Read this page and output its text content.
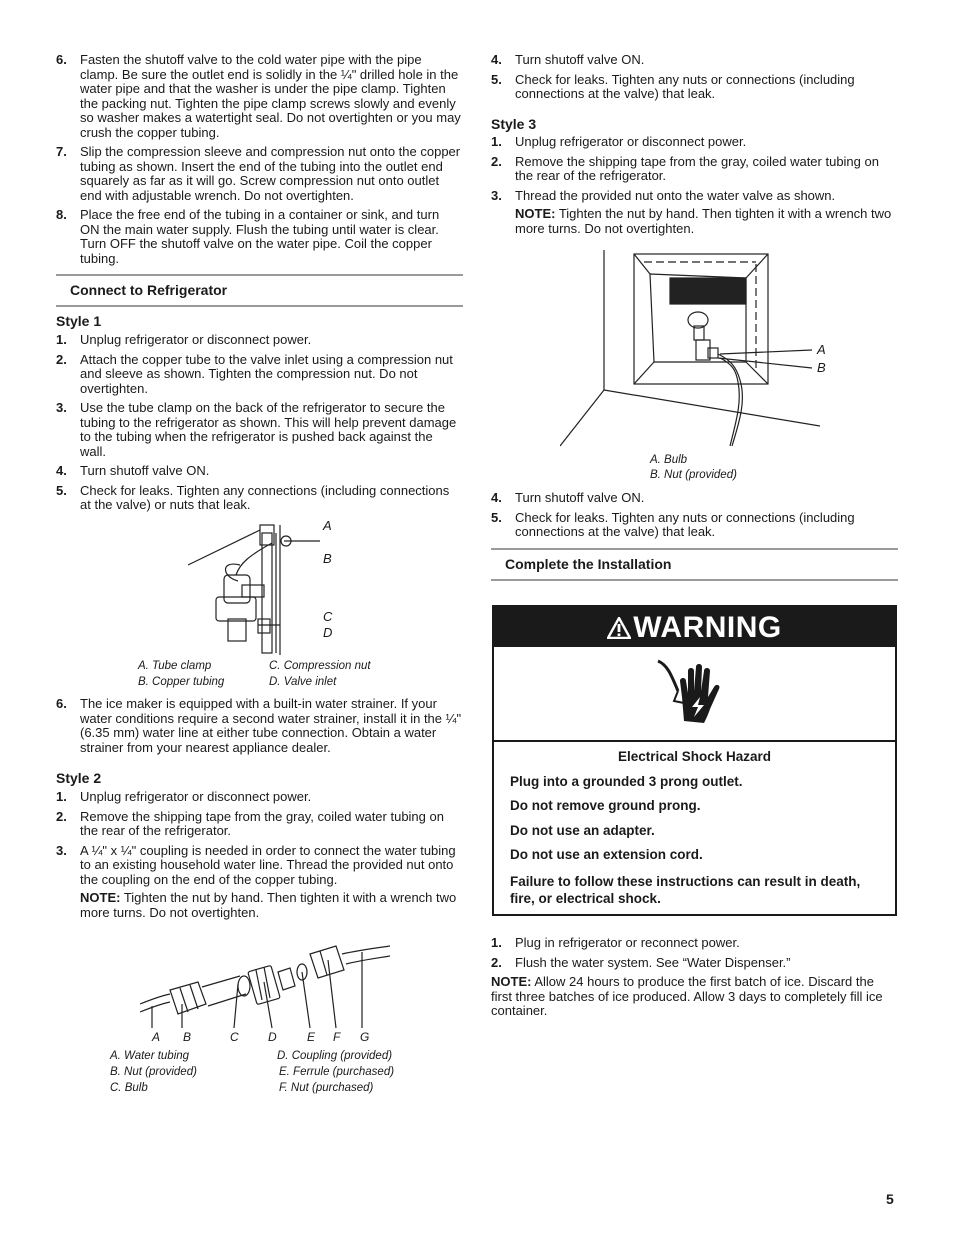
6. Fasten the shutoff valve to the cold water pipe with the pipe clamp. Be sure the outlet end is solidly in the ¼" drilled hole in the water pipe and that the washer is under the pipe clamp. Tighten the packing nut. Tighten the pipe clamp screws slowly and evenly so washer makes a watertight seal. Do not overtighten or you may crush the copper tubing.
7. Slip the compression sleeve and compression nut onto the copper tubing as shown. Insert the end of the tubing into the outlet end squarely as far as it will go. Screw compression nut onto outlet end with adjustable wrench. Do not overtighten.
8. Place the free end of the tubing in a container or sink, and turn ON the main water supply. Flush the tubing until water is clear. Turn OFF the shutoff valve on the water pipe. Coil the copper tubing.
Connect to Refrigerator
Style 1
1. Unplug refrigerator or disconnect power.
2. Attach the copper tube to the valve inlet using a compression nut and sleeve as shown. Tighten the compression nut. Do not overtighten.
3. Use the tube clamp on the back of the refrigerator to secure the tubing to the refrigerator as shown. This will help prevent damage to the tubing when the refrigerator is pushed back against the wall.
4. Turn shutoff valve ON.
5. Check for leaks. Tighten any connections (including connections at the valve) or nuts that leak.
A
B
C
D
A. Tube clamp
B. Copper tubing
C. Compression nut
D. Valve inlet
6. The ice maker is equipped with a built-in water strainer. If your water conditions require a second water strainer, install it in the ¼" (6.35 mm) water line at either tube connection. Obtain a water strainer from your nearest appliance dealer.
Style 2
1. Unplug refrigerator or disconnect power.
2. Remove the shipping tape from the gray, coiled water tubing on the rear of the refrigerator.
3. A ¼" x ¼" coupling is needed in order to connect the water tubing to an existing household water line. Thread the provided nut onto the coupling on the end of the copper tubing.
NOTE: Tighten the nut by hand. Then tighten it with a wrench two more turns. Do not overtighten.
A B	C D	E F G
A. Water tubing
B. Nut (provided)
C. Bulb
D. Coupling (provided)
E. Ferrule (purchased)
F. Nut (purchased)
4. Turn shutoff valve ON.
5. Check for leaks. Tighten any nuts or connections (including connections at the valve) that leak.
Style 3
1. Unplug refrigerator or disconnect power.
2. Remove the shipping tape from the gray, coiled water tubing on the rear of the refrigerator.
3. Thread the provided nut onto the water valve as shown.
NOTE: Tighten the nut by hand. Then tighten it with a wrench two more turns. Do not overtighten.
A
B
A. Bulb
B. Nut (provided)
4. Turn shutoff valve ON.
5. Check for leaks. Tighten any nuts or connections (including connections at the valve) that leak.
Complete the Installation
WARNING

Electrical Shock Hazard

Plug into a grounded 3 prong outlet.

Do not remove ground prong.

Do not use an adapter.

Do not use an extension cord.

Failure to follow these instructions can result in death, fire, or electrical shock.

1. Plug in refrigerator or reconnect power.
2. Flush the water system. See “Water Dispenser.”
NOTE: Allow 24 hours to produce the first batch of ice. Discard the first three batches of ice produced. Allow 3 days to completely fill ice container.
5
